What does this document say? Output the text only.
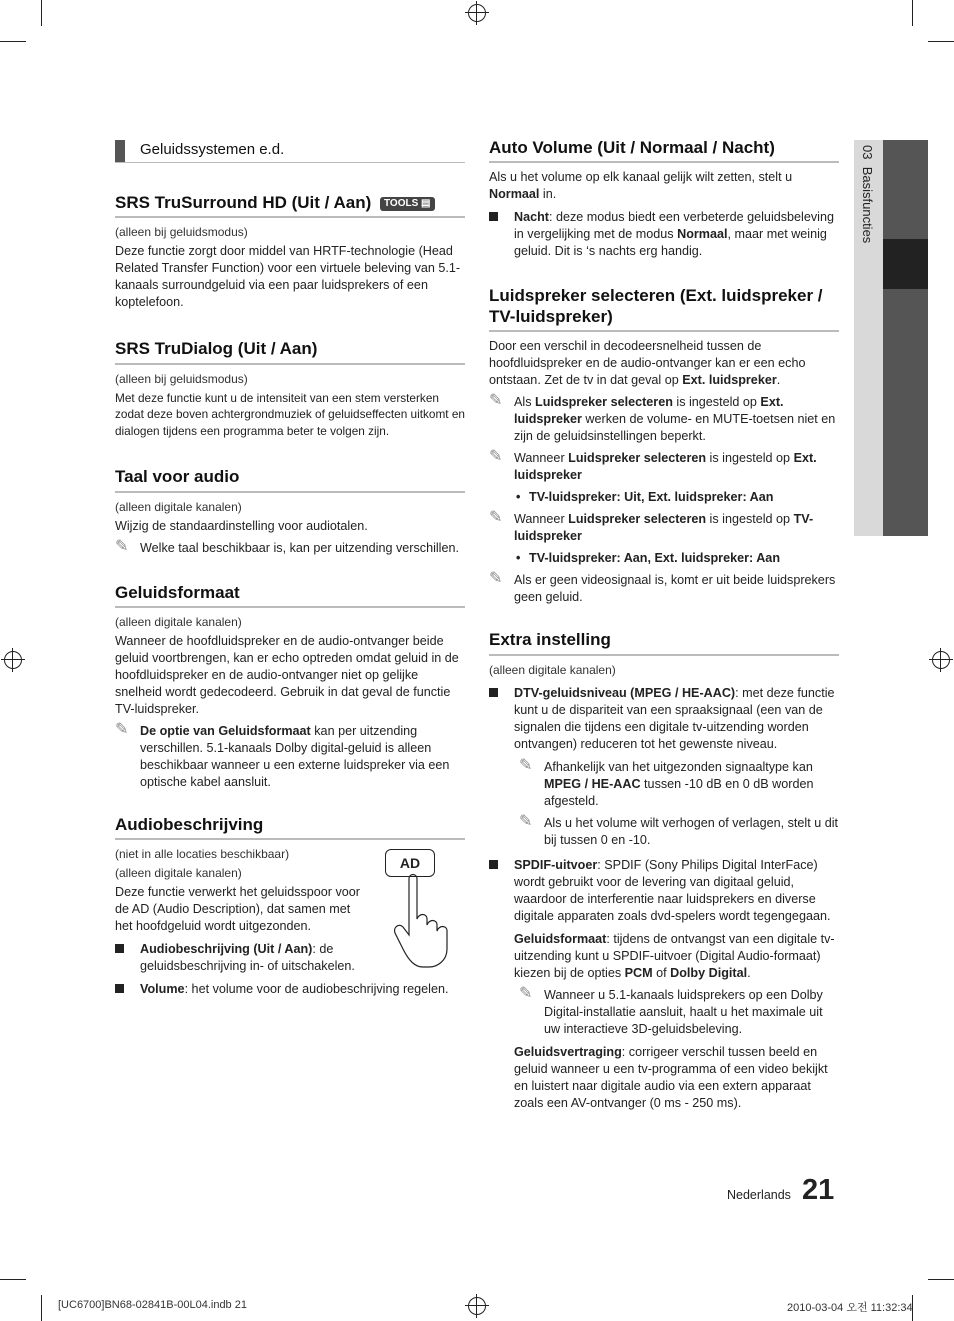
03  Basisfuncties
Geluidssystemen e.d.
SRS TruSurround HD (Uit / Aan) TOOLS ▤
(alleen bij geluidsmodus)

Deze functie zorgt door middel van HRTF-technologie (Head Related Transfer Function) voor een virtuele beleving van 5.1-kanaals surroundgeluid via een paar luidsprekers of een koptelefoon.

SRS TruDialog (Uit / Aan)
(alleen bij geluidsmodus)

Met deze functie kunt u de intensiteit van een stem versterken zodat deze boven achtergrondmuziek of geluidseffecten uitkomt en dialogen tijdens een programma beter te volgen zijn.

Taal voor audio
(alleen digitale kanalen)

Wijzig de standaardinstelling voor audiotalen.

✎ Welke taal beschikbaar is, kan per uitzending verschillen.
Geluidsformaat
(alleen digitale kanalen)

Wanneer de hoofdluidspreker en de audio-ontvanger beide geluid voortbrengen, kan er echo optreden omdat geluid in de hoofdluidspreker en de audio-ontvanger niet op gelijke snelheid wordt gedecodeerd. Gebruik in dat geval de functie TV-luidspreker.

✎ De optie van Geluidsformaat kan per uitzending verschillen. 5.1-kanaals Dolby digital-geluid is alleen beschikbaar wanneer u een externe luidspreker via een optische kabel aansluit.
Audiobeschrijving
AD
(niet in alle locaties beschikbaar)
(alleen digitale kanalen)

Deze functie verwerkt het geluidsspoor voor de AD (Audio Description), dat samen met het hoofdgeluid wordt uitgezonden.

Audiobeschrijving (Uit / Aan): de geluidsbeschrijving in- of uitschakelen.
Volume: het volume voor de audiobeschrijving regelen.
Auto Volume (Uit / Normaal / Nacht)

Als u het volume op elk kanaal gelijk wilt zetten, stelt u Normaal in.

Nacht: deze modus biedt een verbeterde geluidsbeleving in vergelijking met de modus Normaal, maar met weinig geluid. Dit is ‘s nachts erg handig.
Luidspreker selecteren (Ext. luidspreker / TV-luidspreker)

Door een verschil in decodeersnelheid tussen de hoofdluidspreker en de audio-ontvanger kan er een echo ontstaan. Zet de tv in dat geval op Ext. luidspreker.

✎ Als Luidspreker selecteren is ingesteld op Ext. luidspreker werken de volume- en MUTE-toetsen niet en zijn de geluidsinstellingen beperkt.
✎ Wanneer Luidspreker selecteren is ingesteld op Ext. luidspreker
• TV-luidspreker: Uit, Ext. luidspreker: Aan
✎ Wanneer Luidspreker selecteren is ingesteld op TV-luidspreker
• TV-luidspreker: Aan, Ext. luidspreker: Aan
✎ Als er geen videosignaal is, komt er uit beide luidsprekers geen geluid.
Extra instelling
(alleen digitale kanalen)
DTV-geluidsniveau (MPEG / HE-AAC): met deze functie kunt u de dispariteit van een spraaksignaal (een van de signalen die tijdens een digitale tv-uitzending worden ontvangen) reduceren tot het gewenste niveau.
✎ Afhankelijk van het uitgezonden signaaltype kan MPEG / HE-AAC tussen -10 dB en 0 dB worden afgesteld.
✎ Als u het volume wilt verhogen of verlagen, stelt u dit bij tussen 0 en -10.
SPDIF-uitvoer: SPDIF (Sony Philips Digital InterFace) wordt gebruikt voor de levering van digitaal geluid, waardoor de interferentie naar luidsprekers en diverse digitale apparaten zoals dvd-spelers wordt tegengegaan.

Geluidsformaat: tijdens de ontvangst van een digitale tv-uitzending kunt u SPDIF-uitvoer (Digital Audio-formaat) kiezen bij de opties PCM of Dolby Digital.

✎ Wanneer u 5.1-kanaals luidsprekers op een Dolby Digital-installatie aansluit, haalt u het maximale uit uw interactieve 3D-geluidsbeleving.

Geluidsvertraging: corrigeer verschil tussen beeld en geluid wanneer u een tv-programma of een video bekijkt en luistert naar digitale audio via een extern apparaat zoals een AV-ontvanger (0 ms - 250 ms).

Nederlands 21
[UC6700]BN68-02841B-00L04.indb 21	2010-03-04 오전 11:32:34
